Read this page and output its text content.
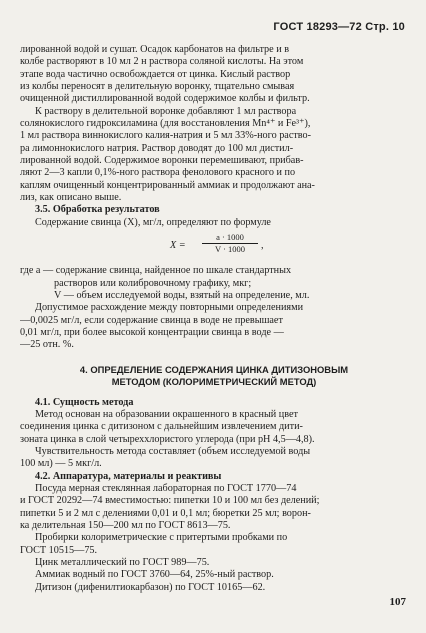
ГОСТ 18293—72 Стр. 10
лированной водой и сушат. Осадок карбонатов на фильтре и в
колбе растворяют в 10 мл 2 н раствора соляной кислоты. На этом
этапе вода частично освобождается от цинка. Кислый раствор
из колбы переносят в делительную воронку, тщательно смывая
очищенной дистиллированной водой содержимое колбы и фильтр.
К раствору в делительной воронке добавляют 1 мл раствора
солянокислого гидроксиламина (для восстановления Mn⁴⁺ и Fe³⁺),
1 мл раствора виннокислого калия-натрия и 5 мл 33%-ного раство-
ра лимоннокислого натрия. Раствор доводят до 100 мл дистил-
лированной водой. Содержимое воронки перемешивают, прибав-
ляют 2—3 капли 0,1%-ного раствора фенолового красного и по
каплям очищенный концентрированный аммиак и продолжают ана-
лиз, как описано выше.
3.5. Обработка результатов
Содержание свинца (X), мг/л, определяют по формуле
X =
a · 1000
V · 1000	,
где a — содержание свинца, найденное по шкале стандартных
растворов или колибровочному графику, мкг;
V — объем исследуемой воды, взятый на определение, мл.
Допустимое расхождение между повторными определениями
—0,0025 мг/л, если содержание свинца в воде не превышает
0,01 мг/л, при более высокой концентрации свинца в воде —
—25 отн. %.
4. ОПРЕДЕЛЕНИЕ СОДЕРЖАНИЯ ЦИНКА ДИТИЗОНОВЫМ
МЕТОДОМ (КОЛОРИМЕТРИЧЕСКИЙ МЕТОД)
4.1. Сущность метода
Метод основан на образовании окрашенного в красный цвет
соединения цинка с дитизоном с дальнейшим извлечением дити-
зоната цинка в слой четыреххлористого углерода (при pH 4,5—4,8).
Чувствительность метода составляет (объем исследуемой воды
100 мл) — 5 мкг/л.
4.2. Аппаратура, материалы и реактивы
Посуда мерная стеклянная лабораторная по ГОСТ 1770—74
и ГОСТ 20292—74 вместимостью: пипетки 10 и 100 мл без делений;
пипетки 5 и 2 мл с делениями 0,01 и 0,1 мл; бюретки 25 мл; ворон-
ка делительная 150—200 мл по ГОСТ 8613—75.
Пробирки колориметрические с притертыми пробками по
ГОСТ 10515—75.
Цинк металлический по ГОСТ 989—75.
Аммиак водный по ГОСТ 3760—64, 25%-ный раствор.
Дитизон (дифенилтиокарбазон) по ГОСТ 10165—62.
107
